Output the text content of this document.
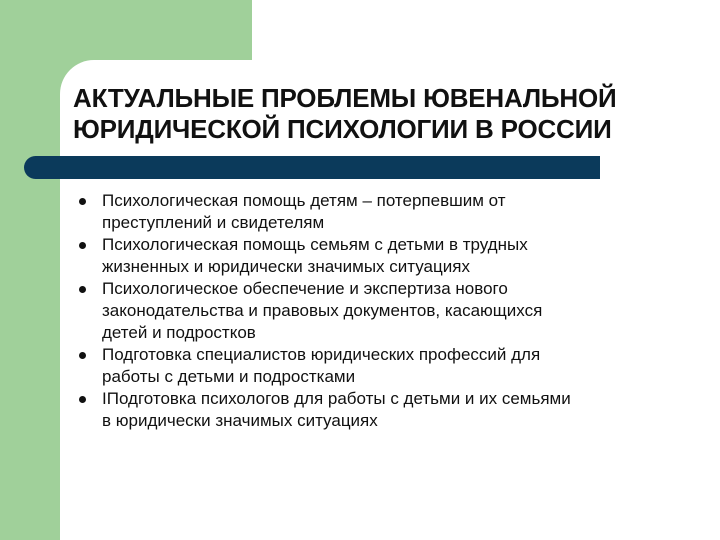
АКТУАЛЬНЫЕ ПРОБЛЕМЫ ЮВЕНАЛЬНОЙ
ЮРИДИЧЕСКОЙ ПСИХОЛОГИИ В РОССИИ
Психологическая помощь детям – потерпевшим от
преступлений и свидетелям
Психологическая помощь семьям с детьми в трудных
жизненных и юридически значимых ситуациях
Психологическое обеспечение и экспертиза нового
законодательства и правовых документов, касающихся
детей и подростков
Подготовка специалистов юридических профессий для
работы с детьми и подростками
IПодготовка психологов для работы с детьми и их семьями
в юридически значимых ситуациях
